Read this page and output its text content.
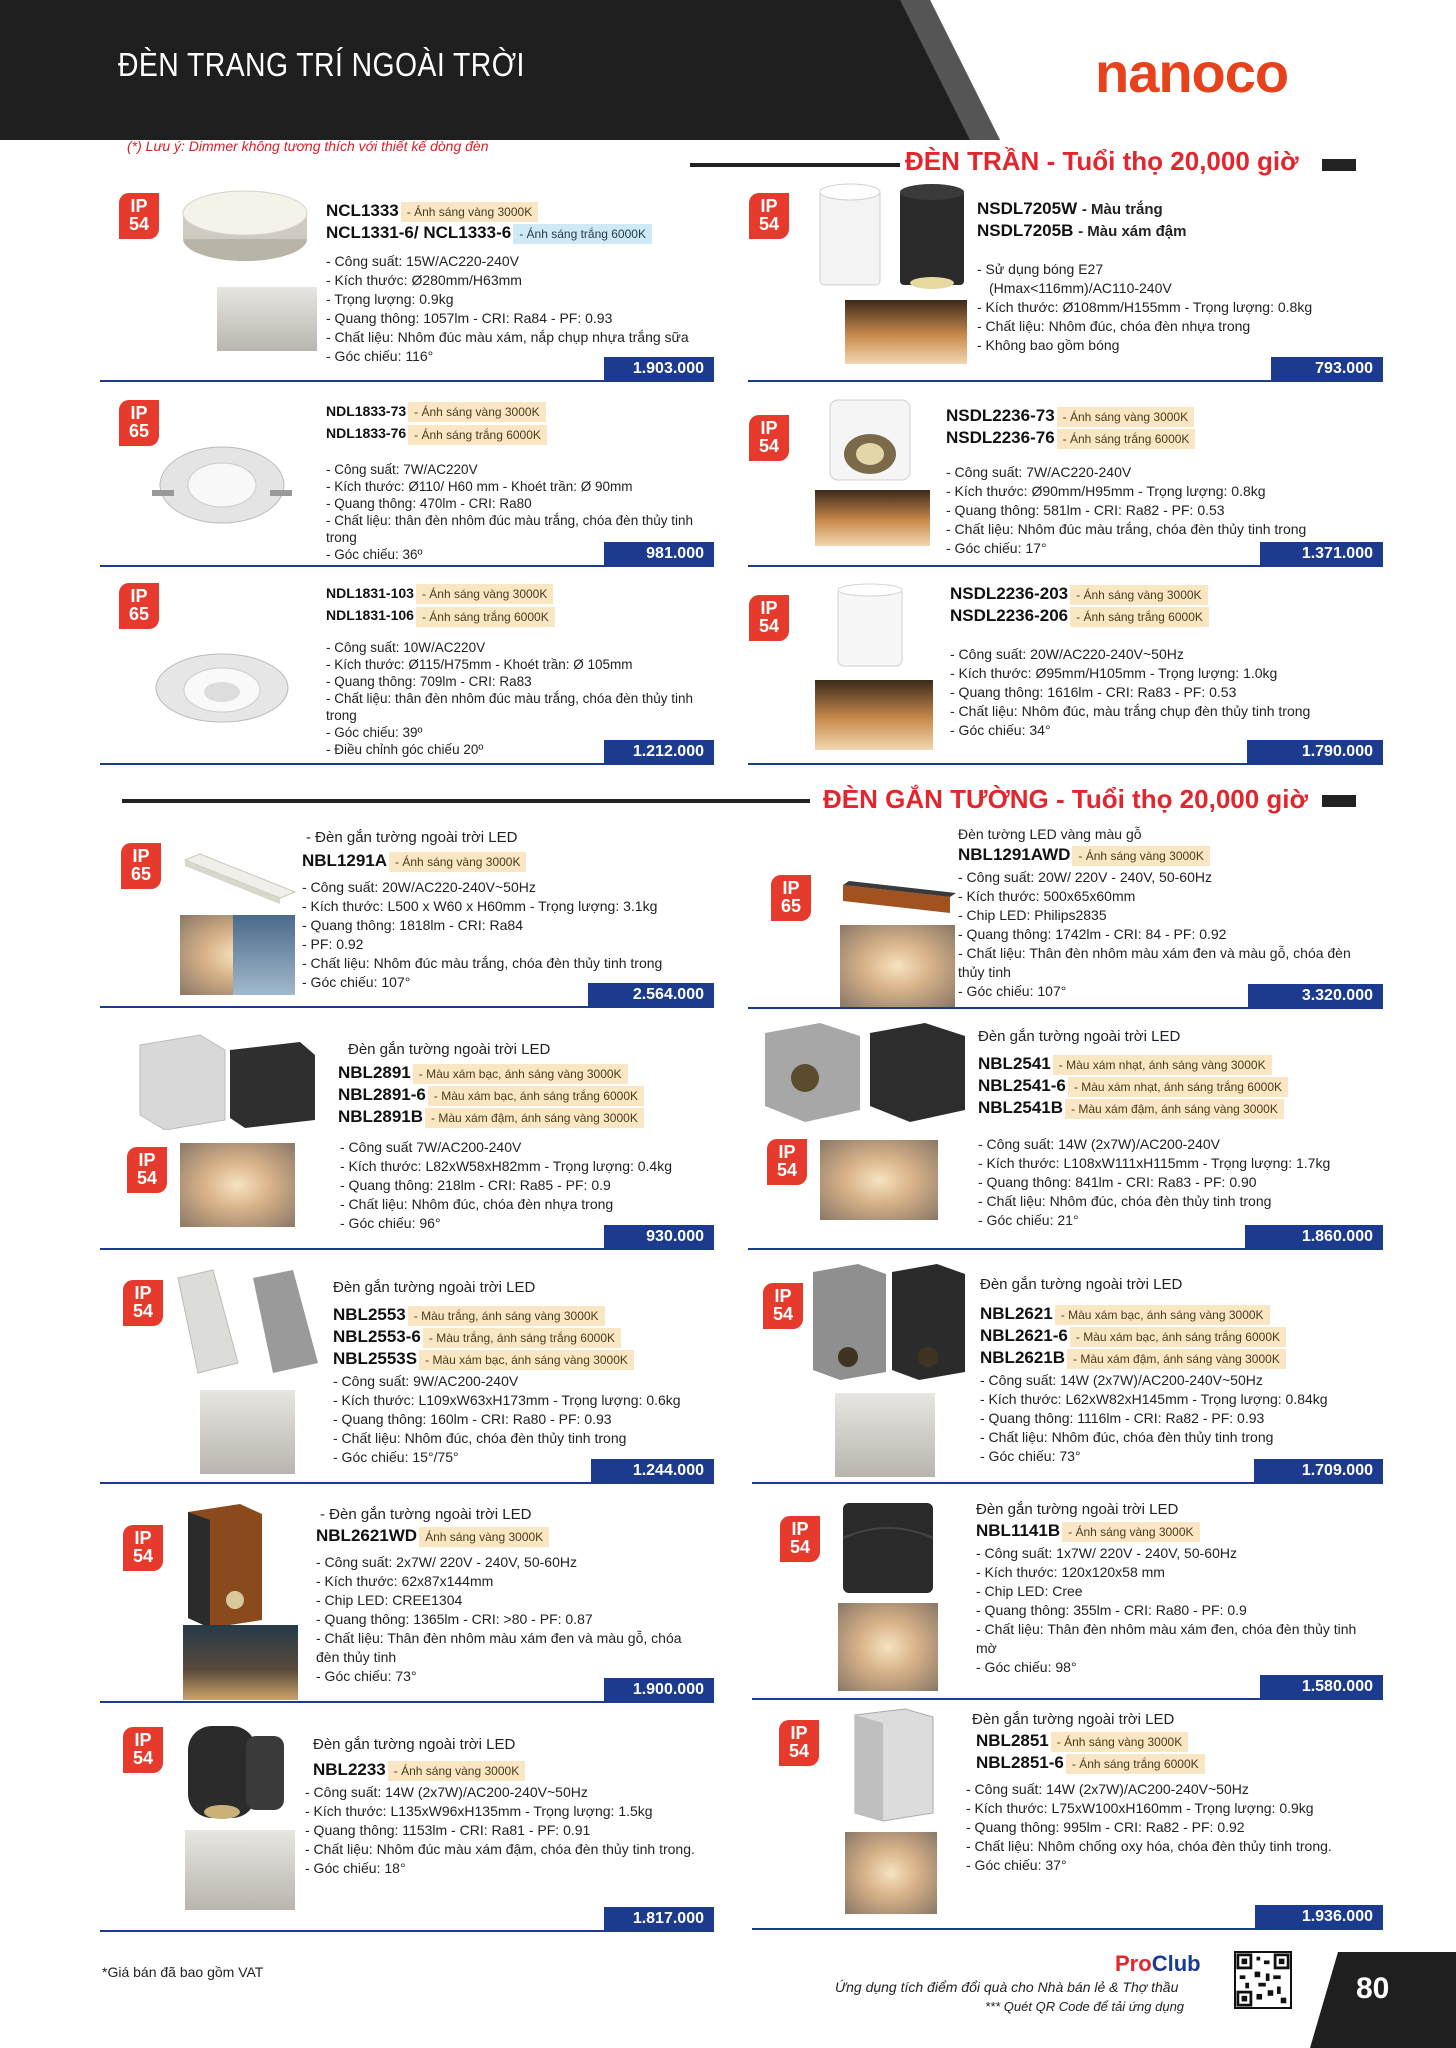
ĐÈN TRANG TRÍ NGOÀI TRỜI	nanoco
(*) Lưu ý: Dimmer không tương thích với thiết kế dòng đèn	ĐÈN TRẦN - Tuổi thọ 20,000 giờ
IP
54
NCL1333 - Ánh sáng vàng 3000K
NCL1331-6/ NCL1333-6 - Ánh sáng trắng 6000K
- Công suất: 15W/AC220-240V
- Kích thước: Ø280mm/H63mm
- Trọng lượng: 0.9kg
- Quang thông: 1057lm - CRI: Ra84 - PF: 0.93
- Chất liệu: Nhôm đúc màu xám, nắp chụp nhựa trắng sữa
- Góc chiếu: 116°
1.903.000
IP
54
NSDL7205W - Màu trắng
NSDL7205B - Màu xám đậm
- Sử dụng bóng E27
(Hmax<116mm)/AC110-240V
- Kích thước: Ø108mm/H155mm - Trọng lượng: 0.8kg
- Chất liệu: Nhôm đúc, chóa đèn nhựa trong
- Không bao gồm bóng
793.000
IP
65
NDL1833-73 - Ánh sáng vàng 3000K
NDL1833-76 - Ánh sáng trắng 6000K
- Công suất: 7W/AC220V
- Kích thước: Ø110/ H60 mm - Khoét trần: Ø 90mm
- Quang thông: 470lm - CRI: Ra80
- Chất liệu: thân đèn nhôm đúc màu trắng, chóa đèn thủy tinh trong
- Góc chiếu: 36º	981.000
IP
54
NSDL2236-73 - Ánh sáng vàng 3000K
NSDL2236-76 - Ánh sáng trắng 6000K
- Công suất: 7W/AC220-240V
- Kích thước: Ø90mm/H95mm - Trọng lượng: 0.8kg
- Quang thông: 581lm - CRI: Ra82 - PF: 0.53
- Chất liệu: Nhôm đúc màu trắng, chóa đèn thủy tinh trong
- Góc chiếu: 17°	1.371.000
IP
65
NDL1831-103 - Ánh sáng vàng 3000K
NDL1831-106 - Ánh sáng trắng 6000K
- Công suất: 10W/AC220V
- Kích thước: Ø115/H75mm - Khoét trần: Ø 105mm
- Quang thông: 709lm - CRI: Ra83
- Chất liệu: thân đèn nhôm đúc màu trắng, chóa đèn thủy tinh trong
- Góc chiếu: 39º
- Điều chỉnh góc chiếu 20º	1.212.000
IP
54
NSDL2236-203 - Ánh sáng vàng 3000K
NSDL2236-206 - Ánh sáng trắng 6000K
- Công suất: 20W/AC220-240V~50Hz
- Kích thước: Ø95mm/H105mm - Trọng lượng: 1.0kg
- Quang thông: 1616lm - CRI: Ra83 - PF: 0.53
- Chất liệu: Nhôm đúc, màu trắng chụp đèn thủy tinh trong
- Góc chiếu: 34°
1.790.000
ĐÈN GẮN TƯỜNG - Tuổi thọ 20,000 giờ
IP
65
- Đèn gắn tường ngoài trời LED
NBL1291A - Ánh sáng vàng 3000K
- Công suất: 20W/AC220-240V~50Hz
- Kích thước: L500 x W60 x H60mm - Trọng lượng: 3.1kg
- Quang thông: 1818lm - CRI: Ra84
- PF: 0.92
- Chất liệu: Nhôm đúc màu trắng, chóa đèn thủy tinh trong
- Góc chiếu: 107°
2.564.000
IP
65
Đèn tường LED vàng màu gỗ
NBL1291AWD - Ánh sáng vàng 3000K
- Công suất: 20W/ 220V - 240V, 50-60Hz
- Kích thước: 500x65x60mm
- Chip LED: Philips2835
- Quang thông: 1742lm - CRI: 84 - PF: 0.92
- Chất liệu: Thân đèn nhôm màu xám đen và màu gỗ, chóa đèn thủy tinh
- Góc chiếu: 107°	3.320.000
IP
54
Đèn gắn tường ngoài trời LED
NBL2891 - Màu xám bạc, ánh sáng vàng 3000K
NBL2891-6 - Màu xám bạc, ánh sáng trắng 6000K
NBL2891B - Màu xám đậm, ánh sáng vàng 3000K
- Công suất 7W/AC200-240V
- Kích thước: L82xW58xH82mm - Trọng lượng: 0.4kg
- Quang thông: 218lm - CRI: Ra85 - PF: 0.9
- Chất liệu: Nhôm đúc, chóa đèn nhựa trong
- Góc chiếu: 96°
930.000
IP
54
Đèn gắn tường ngoài trời LED
NBL2541 - Màu xám nhạt, ánh sáng vàng 3000K
NBL2541-6 - Màu xám nhạt, ánh sáng trắng 6000K
NBL2541B - Màu xám đậm, ánh sáng vàng 3000K
- Công suất: 14W (2x7W)/AC200-240V
- Kích thước: L108xW111xH115mm - Trọng lượng: 1.7kg
- Quang thông: 841lm - CRI: Ra83 - PF: 0.90
- Chất liệu: Nhôm đúc, chóa đèn thủy tinh trong
- Góc chiếu: 21°
1.860.000
IP
54
Đèn gắn tường ngoài trời LED
NBL2553 - Màu trắng, ánh sáng vàng 3000K
NBL2553-6 - Màu trắng, ánh sáng trắng 6000K
NBL2553S - Màu xám bạc, ánh sáng vàng 3000K
- Công suất: 9W/AC200-240V
- Kích thước: L109xW63xH173mm - Trọng lượng: 0.6kg
- Quang thông: 160lm - CRI: Ra80 - PF: 0.93
- Chất liệu: Nhôm đúc, chóa đèn thủy tinh trong
- Góc chiếu: 15°/75°
1.244.000
IP
54
Đèn gắn tường ngoài trời LED
NBL2621 - Màu xám bạc, ánh sáng vàng 3000K
NBL2621-6 - Màu xám bạc, ánh sáng trắng 6000K
NBL2621B - Màu xám đậm, ánh sáng vàng 3000K
- Công suất: 14W (2x7W)/AC200-240V~50Hz
- Kích thước: L62xW82xH145mm - Trọng lượng: 0.84kg
- Quang thông: 1116lm - CRI: Ra82 - PF: 0.93
- Chất liệu: Nhôm đúc, chóa đèn thủy tinh trong
- Góc chiếu: 73°
1.709.000
IP
54
- Đèn gắn tường ngoài trời LED
NBL2621WD Ánh sáng vàng 3000K
- Công suất: 2x7W/ 220V - 240V, 50-60Hz
- Kích thước: 62x87x144mm
- Chip LED: CREE1304
- Quang thông: 1365lm - CRI: >80 - PF: 0.87
- Chất liệu: Thân đèn nhôm màu xám đen và màu gỗ, chóa đèn thủy tinh
- Góc chiếu: 73°
1.900.000
IP
54
Đèn gắn tường ngoài trời LED
NBL1141B - Ánh sáng vàng 3000K
- Công suất: 1x7W/ 220V - 240V, 50-60Hz
- Kích thước: 120x120x58 mm
- Chip LED: Cree
- Quang thông: 355lm - CRI: Ra80 - PF: 0.9
- Chất liệu: Thân đèn nhôm màu xám đen, chóa đèn thủy tinh mờ
- Góc chiếu: 98°
1.580.000
IP
54
Đèn gắn tường ngoài trời LED
NBL2233 - Ánh sáng vàng 3000K
- Công suất: 14W (2x7W)/AC200-240V~50Hz
- Kích thước: L135xW96xH135mm - Trọng lượng: 1.5kg
- Quang thông: 1153lm - CRI: Ra81 - PF: 0.91
- Chất liệu: Nhôm đúc màu xám đậm, chóa đèn thủy tinh trong.
- Góc chiếu: 18°
1.817.000
IP
54
Đèn gắn tường ngoài trời LED
NBL2851 - Ánh sáng vàng 3000K
NBL2851-6 - Ánh sáng trắng 6000K
- Công suất: 14W (2x7W)/AC200-240V~50Hz
- Kích thước: L75xW100xH160mm - Trọng lượng: 0.9kg
- Quang thông: 995lm - CRI: Ra82 - PF: 0.92
- Chất liệu: Nhôm chống oxy hóa, chóa đèn thủy tinh trong.
- Góc chiếu: 37°
1.936.000
*Giá bán đã bao gồm VAT	ProClub
Ứng dụng tích điểm đổi quà cho Nhà bán lẻ & Thợ thầu
*** Quét QR Code để tải ứng dụng
80
